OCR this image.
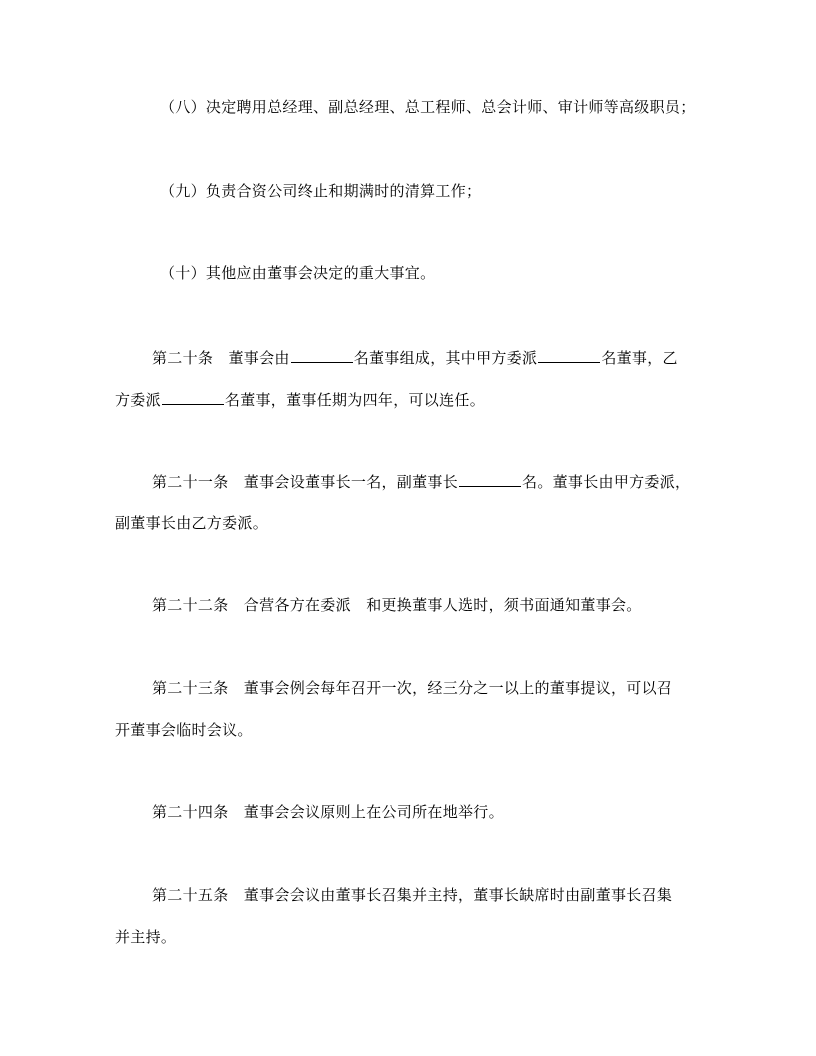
（八）决定聘用总经理、副总经理、总工程师、总会计师、审计师等高级职员；
（九）负责合资公司终止和期满时的清算工作；
（十）其他应由董事会决定的重大事宜。
第二十条　董事会由	名董事组成，其中甲方委派	名董事，乙
方委派	名董事，董事任期为四年，可以连任。
第二十一条　董事会设董事长一名，副董事长	名。董事长由甲方委派，
副董事长由乙方委派。
第二十二条　合营各方在委派　和更换董事人选时，须书面通知董事会。
第二十三条　董事会例会每年召开一次，经三分之一以上的董事提议，可以召
开董事会临时会议。
第二十四条　董事会会议原则上在公司所在地举行。
第二十五条　董事会会议由董事长召集并主持，董事长缺席时由副董事长召集
并主持。
